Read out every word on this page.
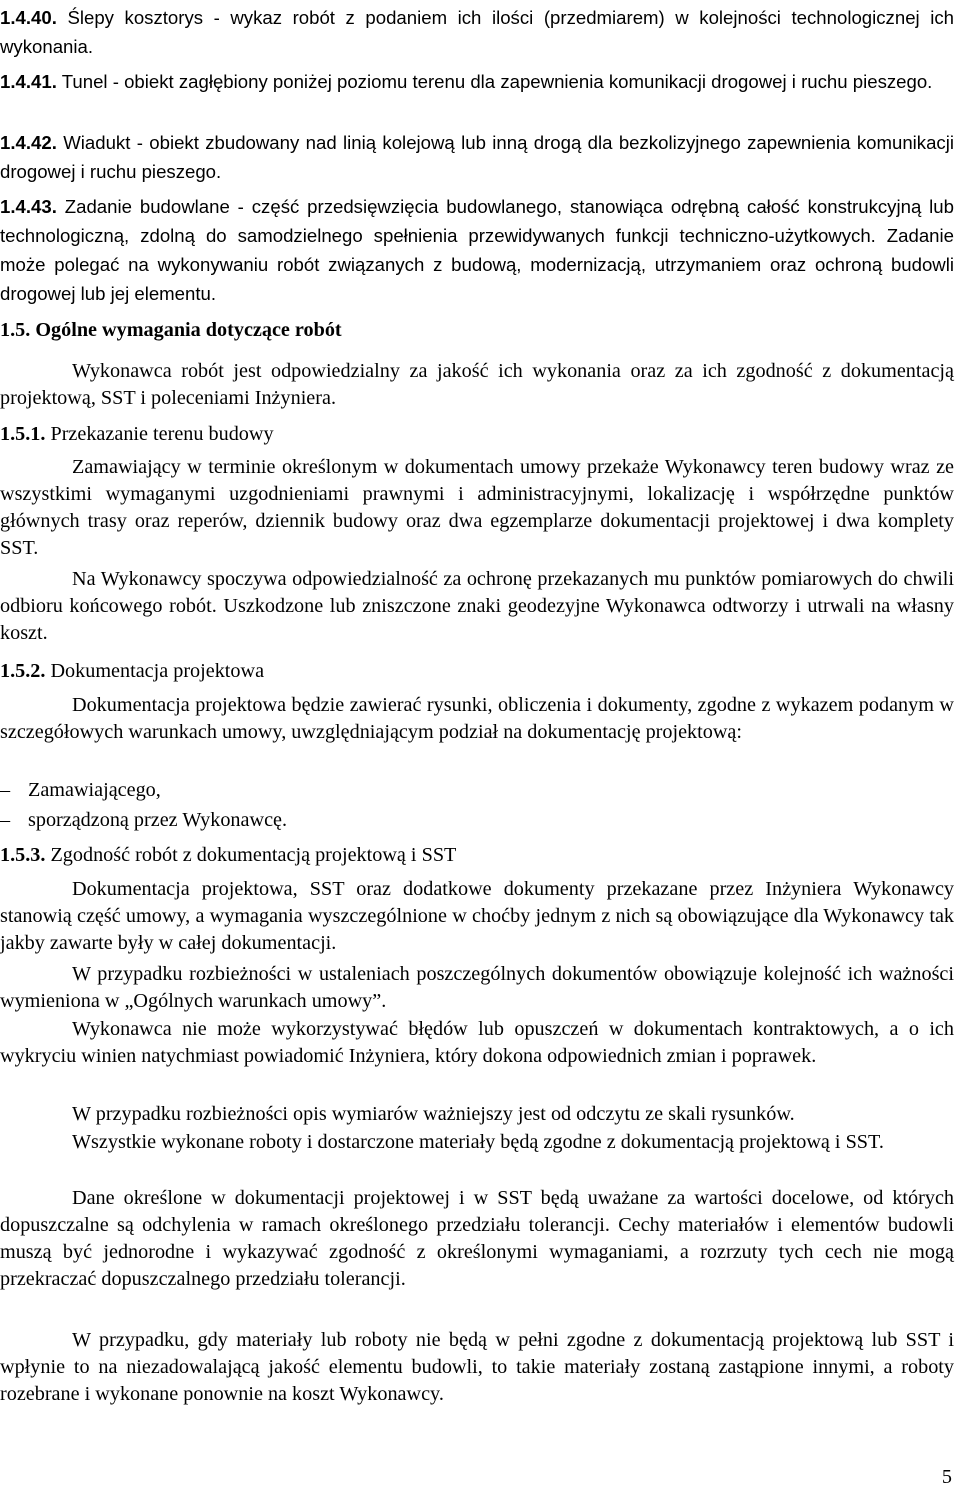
1.4.40. Ślepy kosztorys - wykaz robót z podaniem ich ilości (przedmiarem) w kolejności technologicznej ich wykonania.
1.4.41. Tunel - obiekt zagłębiony poniżej poziomu terenu dla zapewnienia komunikacji drogowej i ruchu pieszego.
1.4.42. Wiadukt - obiekt zbudowany nad linią kolejową lub inną drogą dla bezkolizyjnego zapewnienia komunikacji drogowej i ruchu pieszego.
1.4.43. Zadanie budowlane - część przedsięwzięcia budowlanego, stanowiąca odrębną całość konstrukcyjną lub technologiczną, zdolną do samodzielnego spełnienia przewidywanych funkcji techniczno-użytkowych. Zadanie może polegać na wykonywaniu robót związanych z budową, modernizacją, utrzymaniem oraz ochroną budowli drogowej lub jej elementu.
1.5. Ogólne wymagania dotyczące robót
Wykonawca robót jest odpowiedzialny za jakość ich wykonania oraz za ich zgodność z dokumentacją projektową, SST i poleceniami Inżyniera.
1.5.1. Przekazanie terenu budowy
Zamawiający w terminie określonym w dokumentach umowy przekaże Wykonawcy teren budowy wraz ze wszystkimi wymaganymi uzgodnieniami prawnymi i administracyjnymi, lokalizację i współrzędne punktów głównych trasy oraz reperów, dziennik budowy oraz dwa egzemplarze dokumentacji projektowej i dwa komplety SST.
Na Wykonawcy spoczywa odpowiedzialność za ochronę przekazanych mu punktów pomiarowych do chwili odbioru końcowego robót. Uszkodzone lub zniszczone znaki geodezyjne Wykonawca odtworzy i utrwali na własny koszt.
1.5.2. Dokumentacja projektowa
Dokumentacja projektowa będzie zawierać rysunki, obliczenia i dokumenty, zgodne z wykazem podanym w szczegółowych warunkach umowy, uwzględniającym podział na dokumentację projektową:
– Zamawiającego,
– sporządzoną przez Wykonawcę.
1.5.3. Zgodność robót z dokumentacją projektową i SST
Dokumentacja projektowa, SST oraz dodatkowe dokumenty przekazane przez Inżyniera Wykonawcy stanowią część umowy, a wymagania wyszczególnione w choćby jednym z nich są obowiązujące dla Wykonawcy tak jakby zawarte były w całej dokumentacji.
W przypadku rozbieżności w ustaleniach poszczególnych dokumentów obowiązuje kolejność ich ważności wymieniona w „Ogólnych warunkach umowy”.
Wykonawca nie może wykorzystywać błędów lub opuszczeń w dokumentach kontraktowych, a o ich wykryciu winien natychmiast powiadomić Inżyniera, który dokona odpowiednich zmian i poprawek.
W przypadku rozbieżności opis wymiarów ważniejszy jest od odczytu ze skali rysunków.
Wszystkie wykonane roboty i dostarczone materiały będą zgodne z dokumentacją projektową i SST.
Dane określone w dokumentacji projektowej i w SST będą uważane za wartości docelowe, od których dopuszczalne są odchylenia w ramach określonego przedziału tolerancji. Cechy materiałów i elementów budowli muszą być jednorodne i wykazywać zgodność z określonymi wymaganiami, a rozrzuty tych cech nie mogą przekraczać dopuszczalnego przedziału tolerancji.
W przypadku, gdy materiały lub roboty nie będą w pełni zgodne z dokumentacją projektową lub SST i wpłynie to na niezadowalającą jakość elementu budowli, to takie materiały zostaną zastąpione innymi, a roboty rozebrane i wykonane ponownie na koszt Wykonawcy.
5
